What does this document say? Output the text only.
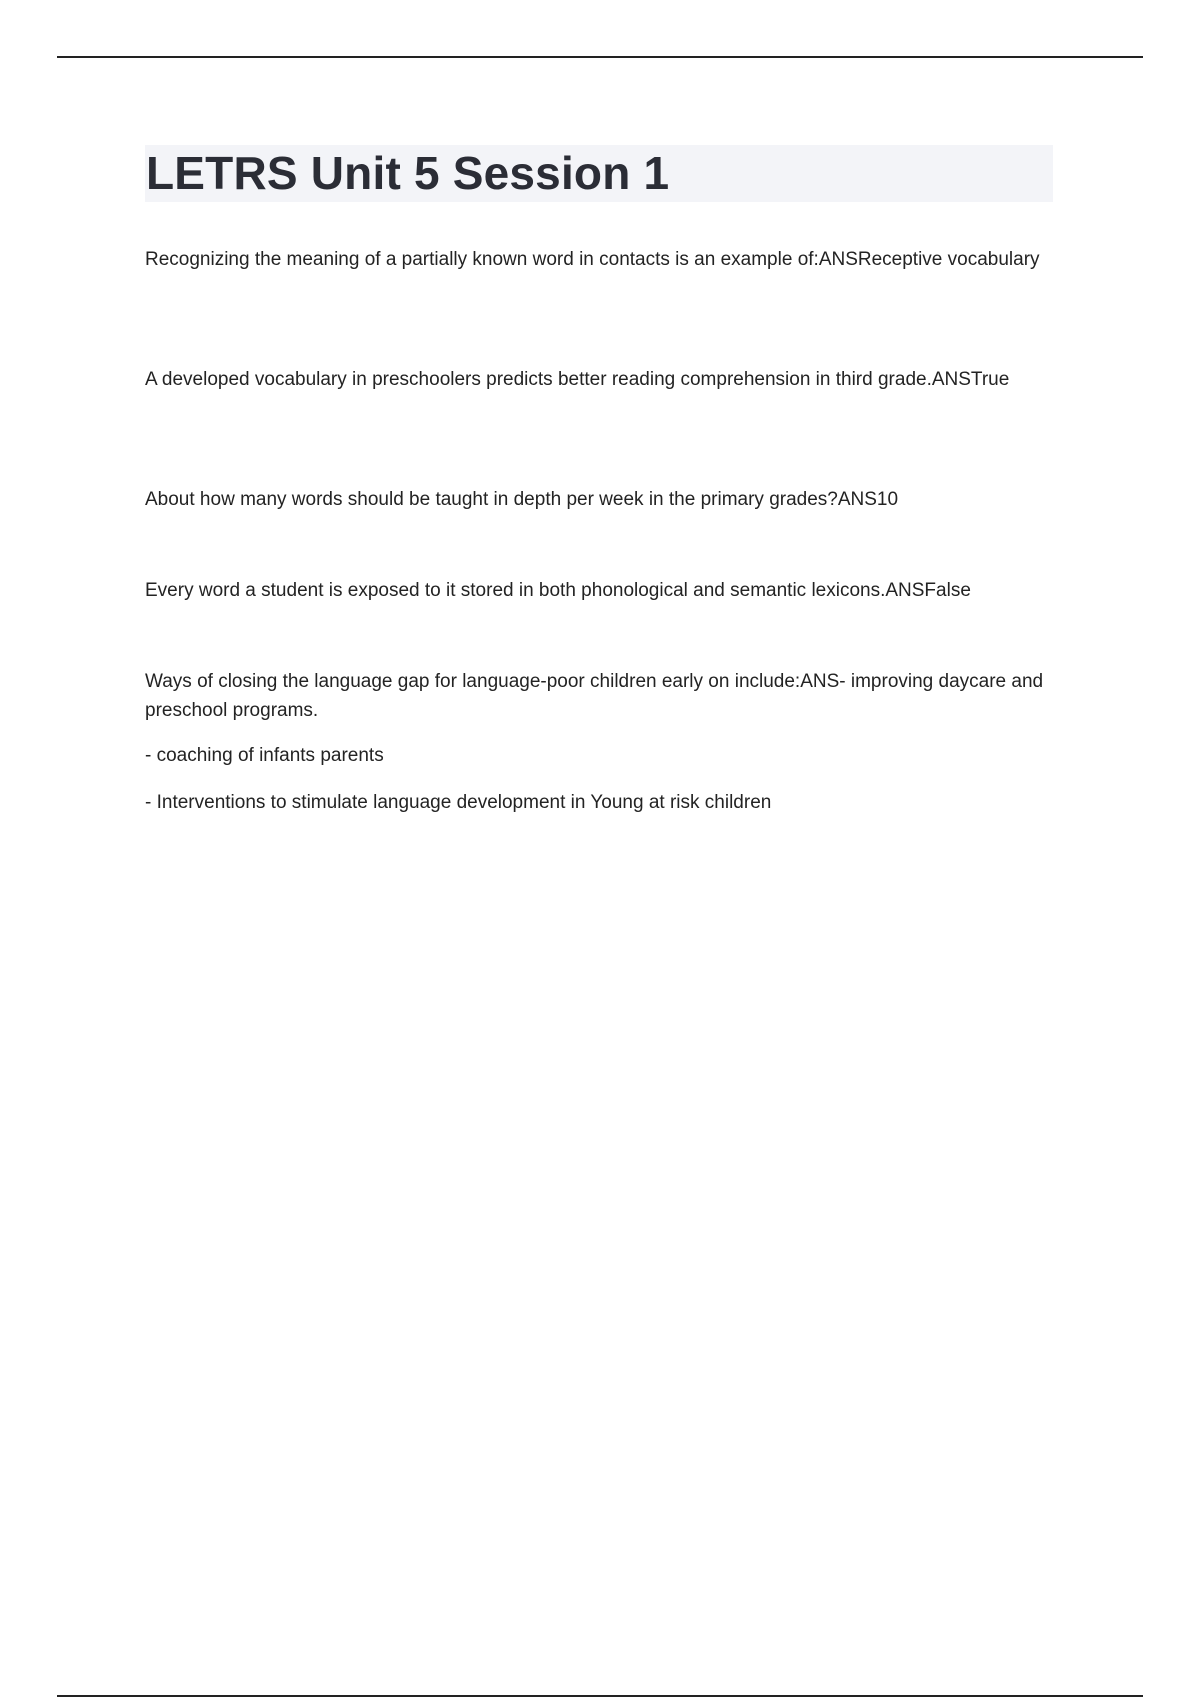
LETRS Unit 5 Session 1

Recognizing the meaning of a partially known word in contacts is an example of:ANSReceptive vocabulary

A developed vocabulary in preschoolers predicts better reading comprehension in third grade.ANSTrue

About how many words should be taught in depth per week in the primary grades?ANS10

Every word a student is exposed to it stored in both phonological and semantic lexicons.ANSFalse

Ways of closing the language gap for language-poor children early on include:ANS- improving daycare and preschool programs.

- coaching of infants parents

- Interventions to stimulate language development in Young at risk children
